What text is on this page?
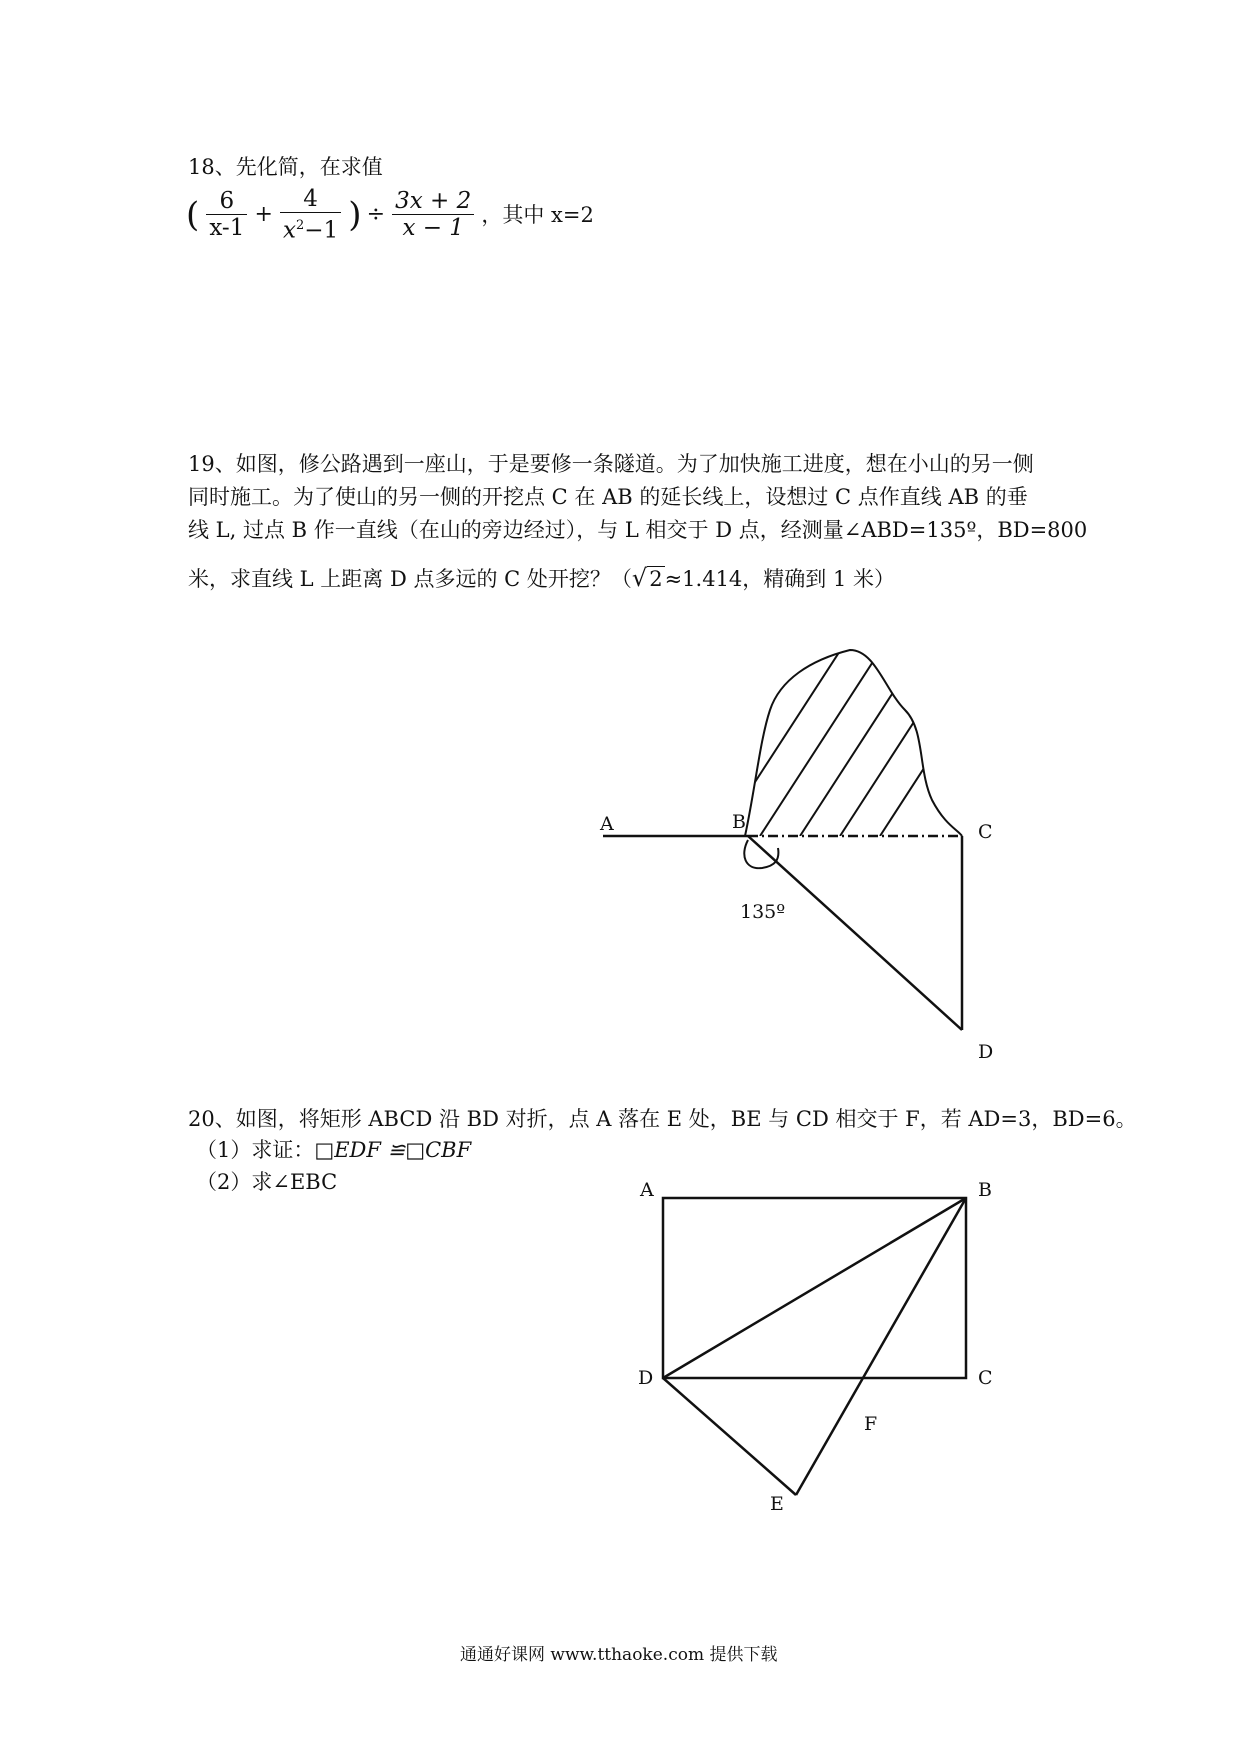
18、先化简，在求值
( $\frac{6}{x-1} + \frac{4}{x^2-1}$ ) ÷ $\frac{3x + 2}{x - 1}$ ，其中 x=2
19、如图，修公路遇到一座山，于是要修一条隧道。为了加快施工进度，想在小山的另一侧
同时施工。为了使山的另一侧的开挖点 C 在 AB 的延长线上，设想过 C 点作直线 AB 的垂
线 L, 过点 B 作一直线（在山的旁边经过），与 L 相交于 D 点，经测量∠ABD=135º，BD=800
米，求直线 L 上距离 D 点多远的 C 处开挖？（√2≈1.414，精确到 1 米）
A	B	C
D
135º
A	B
C
D
E
F
20、如图，将矩形 ABCD 沿 BD 对折，点 A 落在 E 处，BE 与 CD 相交于 F，若 AD=3，BD=6。
（1）求证：□EDF ≌□CBF
（2）求∠EBC
通通好课网 www.tthaoke.com 提供下载
